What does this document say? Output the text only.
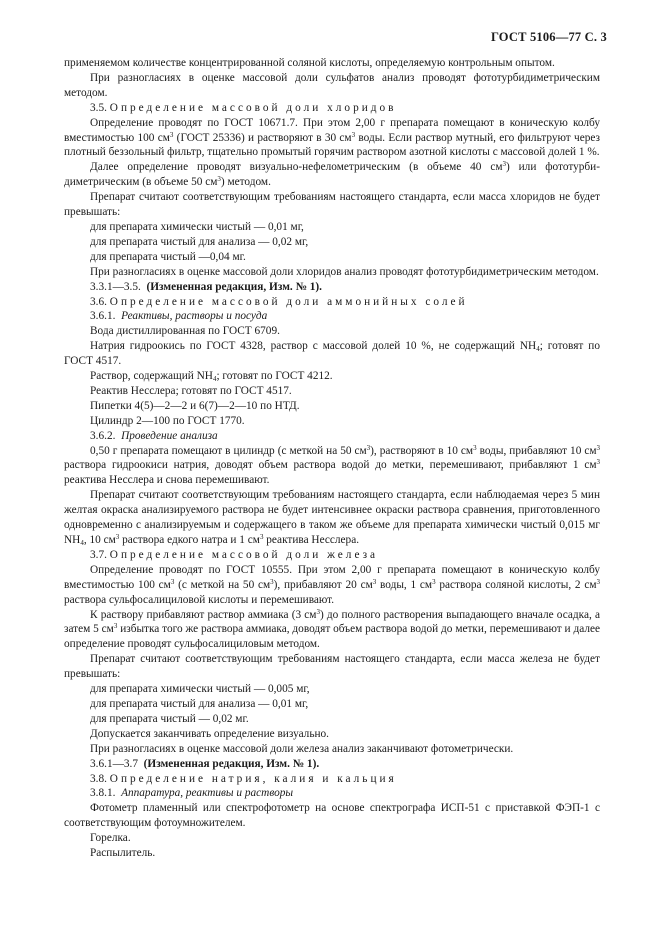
ГОСТ 5106—77 С. 3

применяемом количестве концентрированной соляной кислоты, определяемую контрольным опытом.

При разногласиях в оценке массовой доли сульфатов анализ проводят фототурбидиметрическим методом.

3.5. Определение массовой доли хлоридов

Определение проводят по ГОСТ 10671.7. При этом 2,00 г препарата помещают в коническую колбу вместимостью 100 $см^3$ (ГОСТ 25336) и растворяют в 30 $см^3$ воды. Если раствор мутный, его фильтруют через плотный беззольный фильтр, тщательно промытый горячим раствором азотной кислоты с массовой долей 1 %.

Далее определение проводят визуально-нефелометрическим (в объеме 40 $см^3$) или фототурбидиметрическим (в объеме 50 $см^3$) методом.

Препарат считают соответствующим требованиям настоящего стандарта, если масса хлоридов не будет превышать:

для препарата химически чистый — 0,01 мг,

для препарата чистый для анализа — 0,02 мг,

для препарата чистый —0,04 мг.

При разногласиях в оценке массовой доли хлоридов анализ проводят фототурбидиметрическим методом.

3.3.1—3.5. (Измененная редакция, Изм. № 1).

3.6. Определение массовой доли аммонийных солей

3.6.1. Реактивы, растворы и посуда

Вода дистиллированная по ГОСТ 6709.

Натрия гидроокись по ГОСТ 4328, раствор с массовой долей 10 %, не содержащий $NH_4$; готовят по ГОСТ 4517.

Раствор, содержащий $NH_4$; готовят по ГОСТ 4212.

Реактив Несслера; готовят по ГОСТ 4517.

Пипетки 4(5)—2—2 и 6(7)—2—10 по НТД.

Цилиндр 2—100 по ГОСТ 1770.

3.6.2. Проведение анализа

0,50 г препарата помещают в цилиндр (с меткой на 50 $см^3$), растворяют в 10 $см^3$ воды, прибавляют 10 $см^3$ раствора гидроокиси натрия, доводят объем раствора водой до метки, перемешивают, прибавляют 1 $см^3$ реактива Несслера и снова перемешивают.

Препарат считают соответствующим требованиям настоящего стандарта, если наблюдаемая через 5 мин желтая окраска анализируемого раствора не будет интенсивнее окраски раствора сравнения, приготовленного одновременно с анализируемым и содержащего в таком же объеме для препарата химически чистый 0,015 мг $NH_4$, 10 $см^3$ раствора едкого натра и 1 $см^3$ реактива Несслера.

3.7. Определение массовой доли железа

Определение проводят по ГОСТ 10555. При этом 2,00 г препарата помещают в коническую колбу вместимостью 100 $см^3$ (с меткой на 50 $см^3$), прибавляют 20 $см^3$ воды, 1 $см^3$ раствора соляной кислоты, 2 $см^3$ раствора сульфосалициловой кислоты и перемешивают.

К раствору прибавляют раствор аммиака (3 $см^3$) до полного растворения выпадающего вначале осадка, а затем 5 $см^3$ избытка того же раствора аммиака, доводят объем раствора водой до метки, перемешивают и далее определение проводят сульфосалициловым методом.

Препарат считают соответствующим требованиям настоящего стандарта, если масса железа не будет превышать:

для препарата химически чистый — 0,005 мг,

для препарата чистый для анализа — 0,01 мг,

для препарата чистый — 0,02 мг.

Допускается заканчивать определение визуально.

При разногласиях в оценке массовой доли железа анализ заканчивают фотометрически.

3.6.1—3.7 (Измененная редакция, Изм. № 1).

3.8. Определение натрия, калия и кальция

3.8.1. Аппаратура, реактивы и растворы

Фотометр пламенный или спектрофотометр на основе спектрографа ИСП-51 с приставкой ФЭП-1 с соответствующим фотоумножителем.

Горелка.

Распылитель.
